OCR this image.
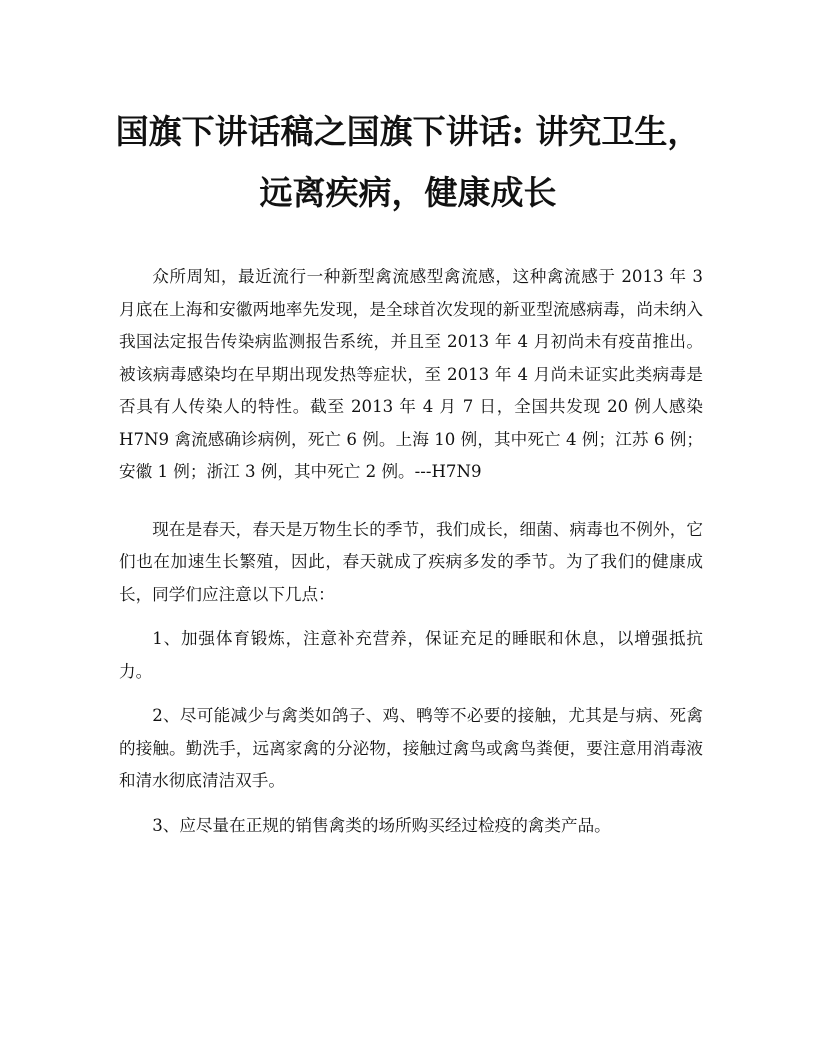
国旗下讲话稿之国旗下讲话: 讲究卫生，
远离疾病，健康成长

众所周知，最近流行一种新型禽流感型禽流感，这种禽流感于 2013 年 3 月底在上海和安徽两地率先发现，是全球首次发现的新亚型流感病毒，尚未纳入我国法定报告传染病监测报告系统，并且至 2013 年 4 月初尚未有疫苗推出。被该病毒感染均在早期出现发热等症状，至 2013 年 4 月尚未证实此类病毒是否具有人传染人的特性。截至 2013 年 4 月 7 日，全国共发现 20 例人感染 H7N9 禽流感确诊病例，死亡 6 例。上海 10 例，其中死亡 4 例；江苏 6 例；安徽 1 例；浙江 3 例，其中死亡 2 例。---H7N9

现在是春天，春天是万物生长的季节，我们成长，细菌、病毒也不例外，它们也在加速生长繁殖，因此，春天就成了疾病多发的季节。为了我们的健康成长，同学们应注意以下几点：

1、加强体育锻炼，注意补充营养，保证充足的睡眠和休息，以增强抵抗力。

2、尽可能减少与禽类如鸽子、鸡、鸭等不必要的接触，尤其是与病、死禽的接触。勤洗手，远离家禽的分泌物，接触过禽鸟或禽鸟粪便，要注意用消毒液和清水彻底清洁双手。

3、应尽量在正规的销售禽类的场所购买经过检疫的禽类产品。
